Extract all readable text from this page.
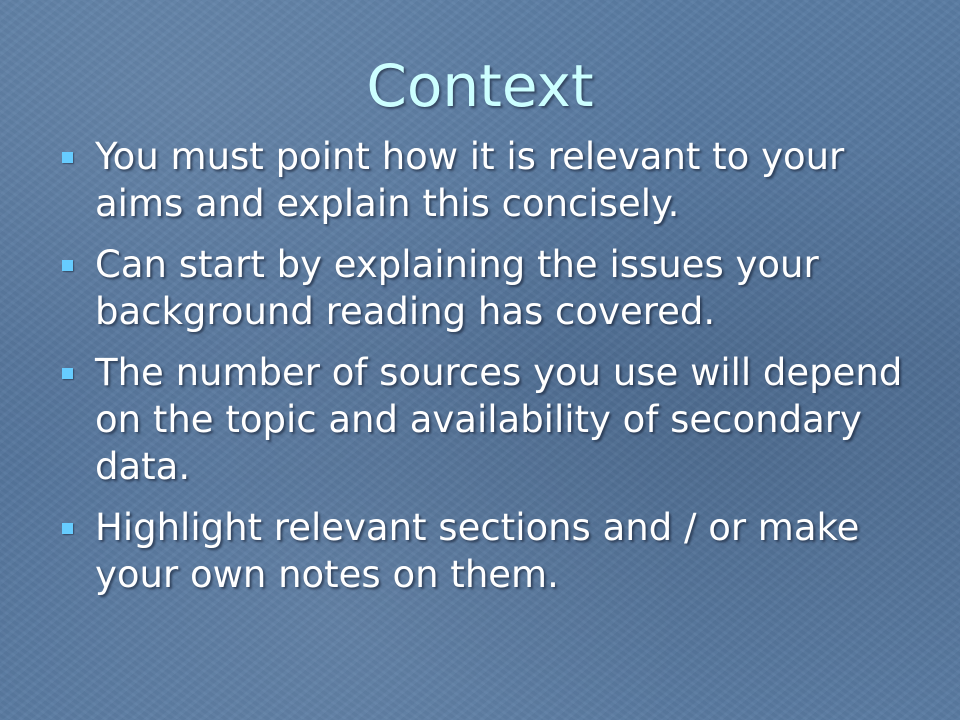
Context
You must point how it is relevant to your aims and explain this concisely.
Can start by explaining the issues your background reading has covered.
The number of sources you use will depend on the topic and availability of secondary data.
Highlight relevant sections and / or make your own notes on them.
